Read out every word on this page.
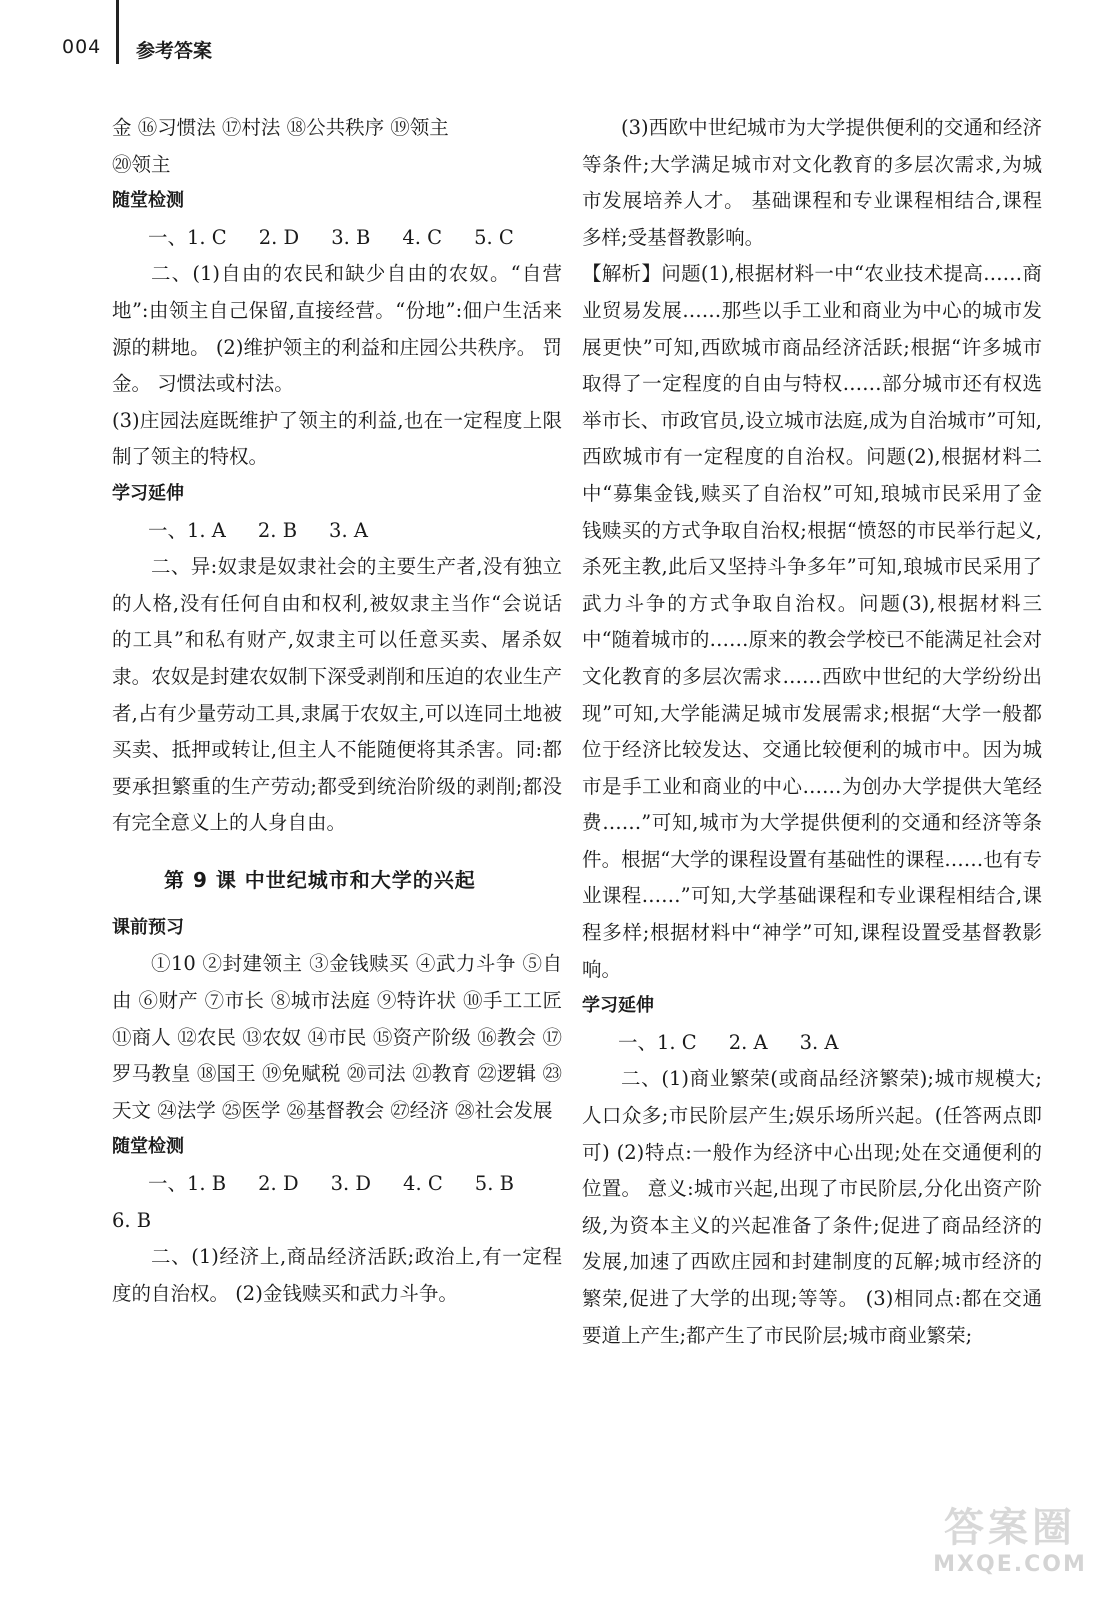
004 参考答案
金 ⑯习惯法 ⑰村法 ⑱公共秩序 ⑲领主
⑳领主
随堂检测
一、1. C 2. D 3. B 4. C 5. C
二、(1)自由的农民和缺少自由的农奴。“自营地”:由领主自己保留,直接经营。“份地”:佃户生活来源的耕地。 (2)维护领主的利益和庄园公共秩序。 罚金。 习惯法或村法。
(3)庄园法庭既维护了领主的利益,也在一定程度上限制了领主的特权。
学习延伸
一、1. A 2. B 3. A
二、异:奴隶是奴隶社会的主要生产者,没有独立的人格,没有任何自由和权利,被奴隶主当作“会说话的工具”和私有财产,奴隶主可以任意买卖、屠杀奴隶。农奴是封建农奴制下深受剥削和压迫的农业生产者,占有少量劳动工具,隶属于农奴主,可以连同土地被买卖、抵押或转让,但主人不能随便将其杀害。同:都要承担繁重的生产劳动;都受到统治阶级的剥削;都没有完全意义上的人身自由。
第 9 课 中世纪城市和大学的兴起
课前预习
①10 ②封建领主 ③金钱赎买 ④武力斗争 ⑤自由 ⑥财产 ⑦市长 ⑧城市法庭 ⑨特许状 ⑩手工工匠 ⑪商人 ⑫农民 ⑬农奴 ⑭市民 ⑮资产阶级 ⑯教会 ⑰罗马教皇 ⑱国王 ⑲免赋税 ⑳司法 ㉑教育 ㉒逻辑 ㉓天文 ㉔法学 ㉕医学 ㉖基督教会 ㉗经济 ㉘社会发展
随堂检测
一、1. B 2. D 3. D 4. C 5. B
6. B
二、(1)经济上,商品经济活跃;政治上,有一定程度的自治权。 (2)金钱赎买和武力斗争。
(3)西欧中世纪城市为大学提供便利的交通和经济等条件;大学满足城市对文化教育的多层次需求,为城市发展培养人才。 基础课程和专业课程相结合,课程多样;受基督教影响。
【解析】问题(1),根据材料一中“农业技术提高……商业贸易发展……那些以手工业和商业为中心的城市发展更快”可知,西欧城市商品经济活跃;根据“许多城市取得了一定程度的自由与特权……部分城市还有权选举市长、市政官员,设立城市法庭,成为自治城市”可知,西欧城市有一定程度的自治权。问题(2),根据材料二中“募集金钱,赎买了自治权”可知,琅城市民采用了金钱赎买的方式争取自治权;根据“愤怒的市民举行起义,杀死主教,此后又坚持斗争多年”可知,琅城市民采用了武力斗争的方式争取自治权。问题(3),根据材料三中“随着城市的……原来的教会学校已不能满足社会对文化教育的多层次需求……西欧中世纪的大学纷纷出现”可知,大学能满足城市发展需求;根据“大学一般都位于经济比较发达、交通比较便利的城市中。因为城市是手工业和商业的中心……为创办大学提供大笔经费……”可知,城市为大学提供便利的交通和经济等条件。根据“大学的课程设置有基础性的课程……也有专业课程……”可知,大学基础课程和专业课程相结合,课程多样;根据材料中“神学”可知,课程设置受基督教影响。
学习延伸
一、1. C 2. A 3. A
二、(1)商业繁荣(或商品经济繁荣);城市规模大;人口众多;市民阶层产生;娱乐场所兴起。(任答两点即可) (2)特点:一般作为经济中心出现;处在交通便利的位置。 意义:城市兴起,出现了市民阶层,分化出资产阶级,为资本主义的兴起准备了条件;促进了商品经济的发展,加速了西欧庄园和封建制度的瓦解;城市经济的繁荣,促进了大学的出现;等等。 (3)相同点:都在交通要道上产生;都产生了市民阶层;城市商业繁荣;
答案圈
MXQE.COM
